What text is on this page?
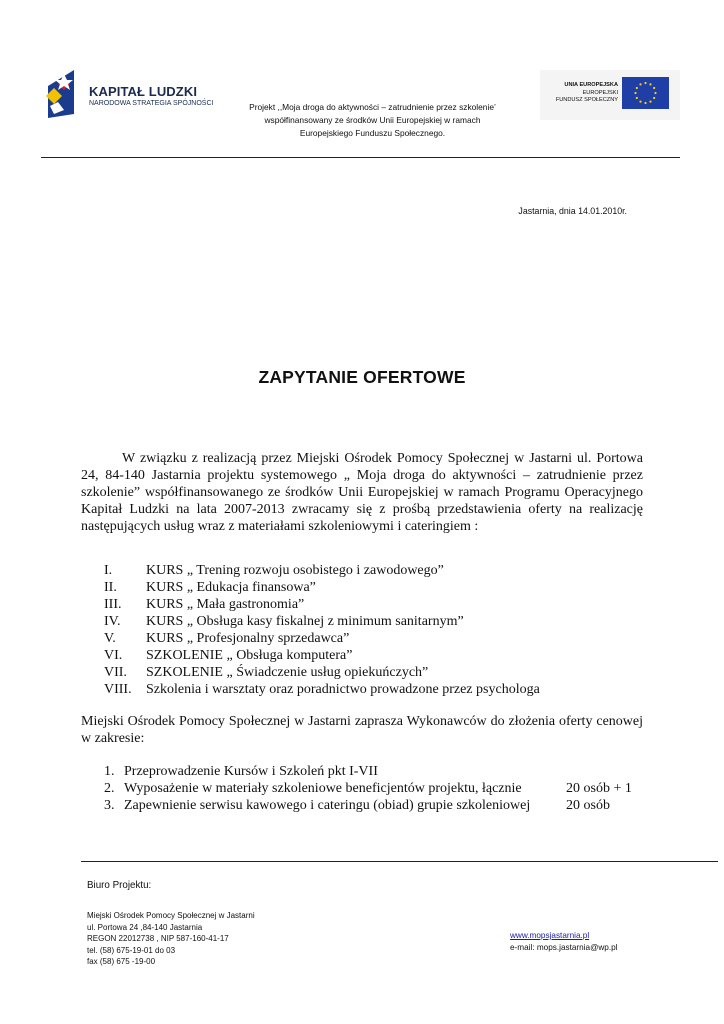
KAPITAŁ LUDZKI
NARODOWA STRATEGIA SPÓJNOŚCI	Projekt ,,Moja droga do aktywności – zatrudnienie przez szkolenie’
współfinansowany ze środków Unii Europejskiej w ramach
Europejskiego Funduszu Społecznego.
UNIA EUROPEJSKA
EUROPEJSKI
FUNDUSZ SPOŁECZNY
Jastarnia, dnia 14.01.2010r.
ZAPYTANIE OFERTOWE
W związku z realizacją przez Miejski Ośrodek Pomocy Społecznej w Jastarni ul. Portowa 24, 84-140 Jastarnia projektu systemowego „ Moja droga do aktywności – zatrudnienie przez szkolenie” współfinansowanego ze środków Unii Europejskiej w ramach Programu Operacyjnego Kapitał Ludzki na lata 2007-2013 zwracamy się z prośbą przedstawienia oferty na realizację następujących usług wraz z materiałami szkoleniowymi i cateringiem :
I.	KURS „ Trening rozwoju osobistego i zawodowego”
II.	KURS „ Edukacja finansowa”
III.	KURS „ Mała gastronomia”
IV.	KURS „ Obsługa kasy fiskalnej z minimum sanitarnym”
V.	KURS „ Profesjonalny sprzedawca”
VI.	SZKOLENIE „ Obsługa komputera”
VII.	SZKOLENIE „ Świadczenie usług opiekuńczych”
VIII.	Szkolenia i warsztaty oraz poradnictwo prowadzone przez psychologa
Miejski Ośrodek Pomocy Społecznej w Jastarni zaprasza Wykonawców do złożenia oferty cenowej w zakresie:
1. Przeprowadzenie Kursów i Szkoleń pkt I-VII
2. Wyposażenie w materiały szkoleniowe beneficjentów projektu, łącznie	20 osób + 1
3. Zapewnienie serwisu kawowego i cateringu (obiad) grupie szkoleniowej	20 osób
Biuro Projektu:
Miejski Ośrodek Pomocy Społecznej w Jastarni
ul. Portowa 24 ,84-140 Jastarnia
REGON 22012738 , NIP 587-160-41-17
tel. (58) 675-19-01 do 03
fax (58) 675 -19-00
www.mopsjastarnia.pl
e-mail: mops.jastarnia@wp.pl
